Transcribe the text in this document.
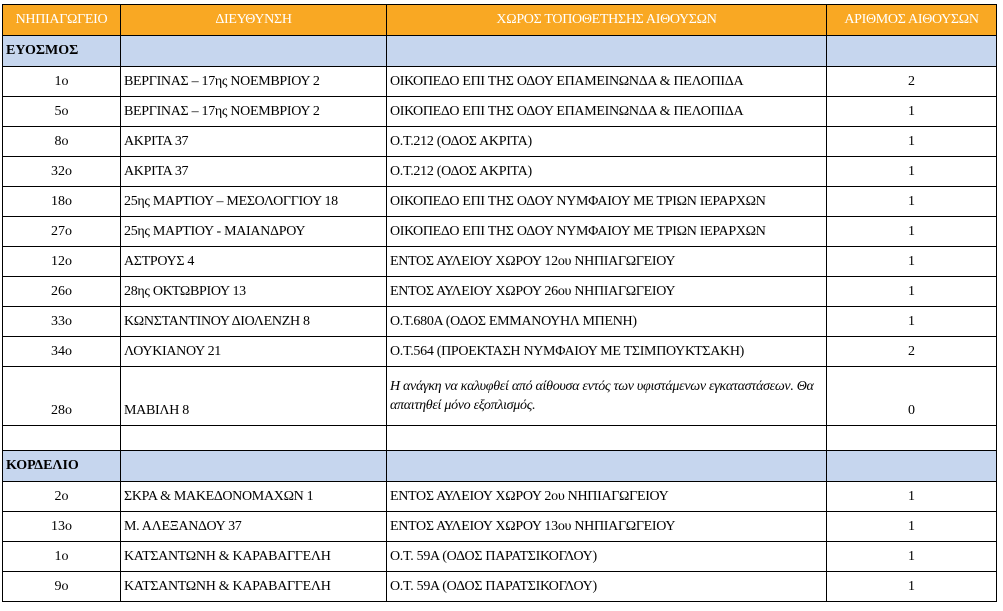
ΝΗΠΙΑΓΩΓΕΙΟ	ΔΙΕΥΘΥΝΣΗ	ΧΩΡΟΣ ΤΟΠΟΘΕΤΗΣΗΣ ΑΙΘΟΥΣΩΝ	ΑΡΙΘΜΟΣ ΑΙΘΟΥΣΩΝ
ΕΥΟΣΜΟΣ			
1ο	ΒΕΡΓΙΝΑΣ – 17ης ΝΟΕΜΒΡΙΟΥ 2	ΟΙΚΟΠΕΔΟ ΕΠΙ ΤΗΣ ΟΔΟΥ ΕΠΑΜΕΙΝΩΝΔΑ & ΠΕΛΟΠΙΔΑ	2
5ο	ΒΕΡΓΙΝΑΣ – 17ης ΝΟΕΜΒΡΙΟΥ 2	ΟΙΚΟΠΕΔΟ ΕΠΙ ΤΗΣ ΟΔΟΥ ΕΠΑΜΕΙΝΩΝΔΑ & ΠΕΛΟΠΙΔΑ	1
8ο	ΑΚΡΙΤΑ 37	Ο.Τ.212 (ΟΔΟΣ ΑΚΡΙΤΑ)	1
32ο	ΑΚΡΙΤΑ 37	Ο.Τ.212 (ΟΔΟΣ ΑΚΡΙΤΑ)	1
18ο	25ης ΜΑΡΤΙΟΥ – ΜΕΣΟΛΟΓΓΙΟΥ 18	ΟΙΚΟΠΕΔΟ ΕΠΙ ΤΗΣ ΟΔΟΥ ΝΥΜΦΑΙΟΥ ΜΕ ΤΡΙΩΝ ΙΕΡΑΡΧΩΝ	1
27ο	25ης ΜΑΡΤΙΟΥ - ΜΑΙΑΝΔΡΟΥ	ΟΙΚΟΠΕΔΟ ΕΠΙ ΤΗΣ ΟΔΟΥ ΝΥΜΦΑΙΟΥ ΜΕ ΤΡΙΩΝ ΙΕΡΑΡΧΩΝ	1
12ο	ΑΣΤΡΟΥΣ 4	ΕΝΤΟΣ ΑΥΛΕΙΟΥ ΧΩΡΟΥ 12ου ΝΗΠΙΑΓΩΓΕΙΟΥ	1
26ο	28ης ΟΚΤΩΒΡΙΟΥ 13	ΕΝΤΟΣ ΑΥΛΕΙΟΥ ΧΩΡΟΥ 26ου ΝΗΠΙΑΓΩΓΕΙΟΥ	1
33ο	ΚΩΝΣΤΑΝΤΙΝΟΥ ΔΙΟΛΕΝΖΗ 8	Ο.Τ.680Α (ΟΔΟΣ ΕΜΜΑΝΟΥΗΛ ΜΠΕΝΗ)	1
34ο	ΛΟΥΚΙΑΝΟΥ 21	Ο.Τ.564 (ΠΡΟΕΚΤΑΣΗ ΝΥΜΦΑΙΟΥ ΜΕ ΤΣΙΜΠΟΥΚΤΣΑΚΗ)	2
28ο	ΜΑΒΙΛΗ 8	Η ανάγκη να καλυφθεί από αίθουσα εντός των υφιστάμενων εγκαταστάσεων. Θα απαιτηθεί μόνο εξοπλισμός.	0

ΚΟΡΔΕΛΙΟ			
2ο	ΣΚΡΑ & ΜΑΚΕΔΟΝΟΜΑΧΩΝ 1	ΕΝΤΟΣ ΑΥΛΕΙΟΥ ΧΩΡΟΥ 2ου ΝΗΠΙΑΓΩΓΕΙΟΥ	1
13ο	Μ. ΑΛΕΞΑΝΔΟΥ 37	ΕΝΤΟΣ ΑΥΛΕΙΟΥ ΧΩΡΟΥ 13ου ΝΗΠΙΑΓΩΓΕΙΟΥ	1
1ο	ΚΑΤΣΑΝΤΩΝΗ & ΚΑΡΑΒΑΓΓΕΛΗ	Ο.Τ. 59Α (ΟΔΟΣ ΠΑΡΑΤΣΙΚΟΓΛΟΥ)	1
9ο	ΚΑΤΣΑΝΤΩΝΗ & ΚΑΡΑΒΑΓΓΕΛΗ	Ο.Τ. 59Α (ΟΔΟΣ ΠΑΡΑΤΣΙΚΟΓΛΟΥ)	1
